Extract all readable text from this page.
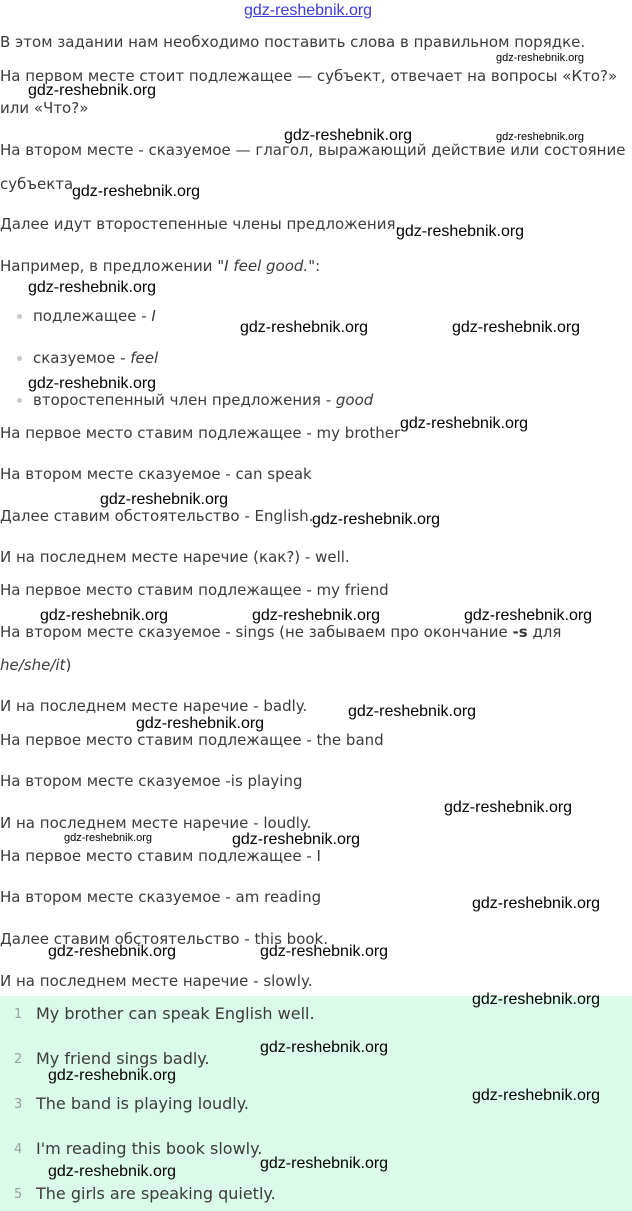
gdz-reshebnik.org
В этом задании нам необходимо поставить слова в правильном порядке.
На первом месте стоит подлежащее — субъект, отвечает на вопросы «Кто?»
или «Что?»
На втором месте - сказуемое — глагол, выражающий действие или состояние
субъекта
Далее идут второстепенные члены предложения.
Например, в предложении "I feel good.":
подлежащее - I
сказуемое - feel
второстепенный член предложения - good
На первое место ставим подлежащее - my brother
На втором месте сказуемое - can speak
Далее ставим обстоятельство - English.
И на последнем месте наречие (как?) - well.
На первое место ставим подлежащее - my friend
На втором месте сказуемое - sings (не забываем про окончание -s для
he/she/it)
И на последнем месте наречие - badly.
На первое место ставим подлежащее - the band
На втором месте сказуемое -is playing
И на последнем месте наречие - loudly.
На первое место ставим подлежащее - I
На втором месте сказуемое - am reading
Далее ставим обстоятельство - this book.
И на последнем месте наречие - slowly.
1 My brother can speak English well.
2 My friend sings badly.
3 The band is playing loudly.
4 I'm reading this book slowly.
5 The girls are speaking quietly.
gdz-reshebnik.org
gdz-reshebnik.org
gdz-reshebnik.org	gdz-reshebnik.org
gdz-reshebnik.org
gdz-reshebnik.org
gdz-reshebnik.org
gdz-reshebnik.org	gdz-reshebnik.org
gdz-reshebnik.org
gdz-reshebnik.org
gdz-reshebnik.org
gdz-reshebnik.org
gdz-reshebnik.org	gdz-reshebnik.org	gdz-reshebnik.org
gdz-reshebnik.org
gdz-reshebnik.org
gdz-reshebnik.org
gdz-reshebnik.org	gdz-reshebnik.org
gdz-reshebnik.org
gdz-reshebnik.org	gdz-reshebnik.org
gdz-reshebnik.org
gdz-reshebnik.org
gdz-reshebnik.org
gdz-reshebnik.org
gdz-reshebnik.org
gdz-reshebnik.org
